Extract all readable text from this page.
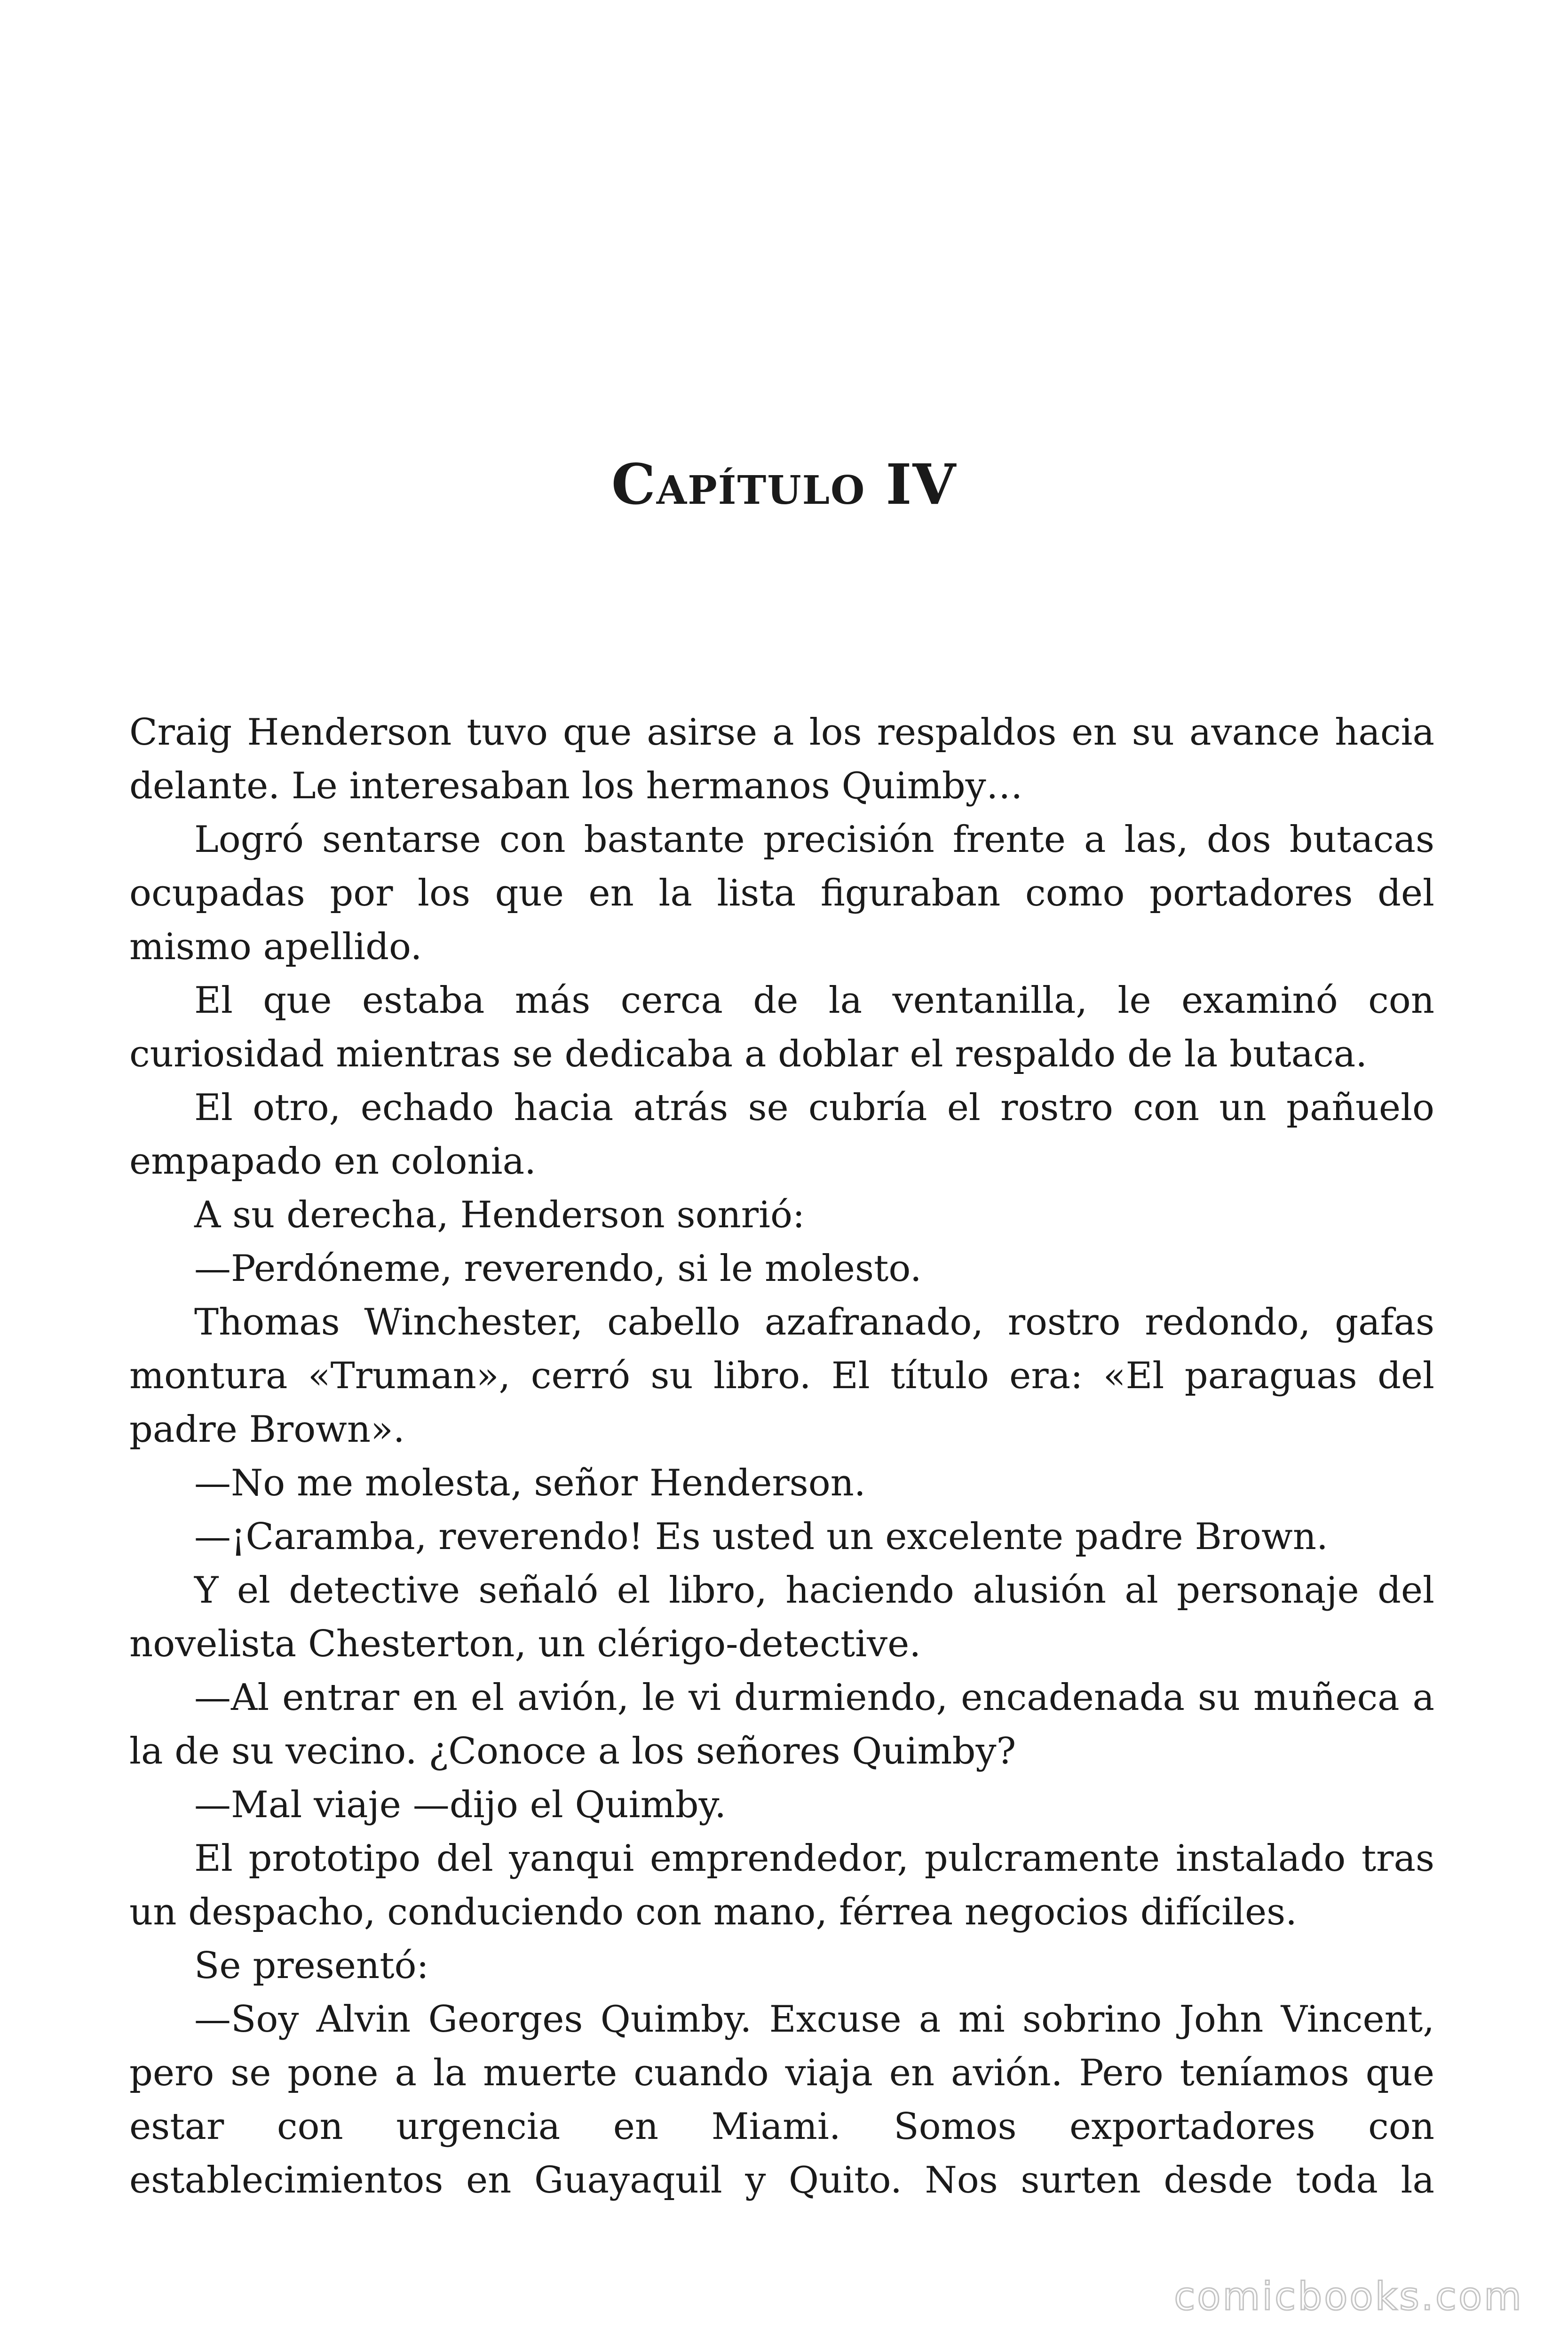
Capítulo IV

Craig Henderson tuvo que asirse a los respaldos en su avance hacia delante. Le interesaban los hermanos Quimby…

Logró sentarse con bastante precisión frente a las, dos butacas ocupadas por los que en la lista figuraban como portadores del mismo apellido.

El que estaba más cerca de la ventanilla, le examinó con curiosidad mientras se dedicaba a doblar el respaldo de la butaca.

El otro, echado hacia atrás se cubría el rostro con un pañuelo empapado en colonia.

A su derecha, Henderson sonrió:

—Perdóneme, reverendo, si le molesto.

Thomas Winchester, cabello azafranado, rostro redondo, gafas montura «Truman», cerró su libro. El título era: «El paraguas del padre Brown».

—No me molesta, señor Henderson.

—¡Caramba, reverendo! Es usted un excelente padre Brown.

Y el detective señaló el libro, haciendo alusión al personaje del novelista Chesterton, un clérigo-detective.

—Al entrar en el avión, le vi durmiendo, encadenada su muñeca a la de su vecino. ¿Conoce a los señores Quimby?

—Mal viaje —dijo el Quimby.

El prototipo del yanqui emprendedor, pulcramente instalado tras un despacho, conduciendo con mano, férrea negocios difíciles.

Se presentó:

—Soy Alvin Georges Quimby. Excuse a mi sobrino John Vincent, pero se pone a la muerte cuando viaja en avión. Pero teníamos que estar con urgencia en Miami. Somos exportadores con establecimientos en Guayaquil y Quito. Nos surten desde toda la

comicbooks.com
